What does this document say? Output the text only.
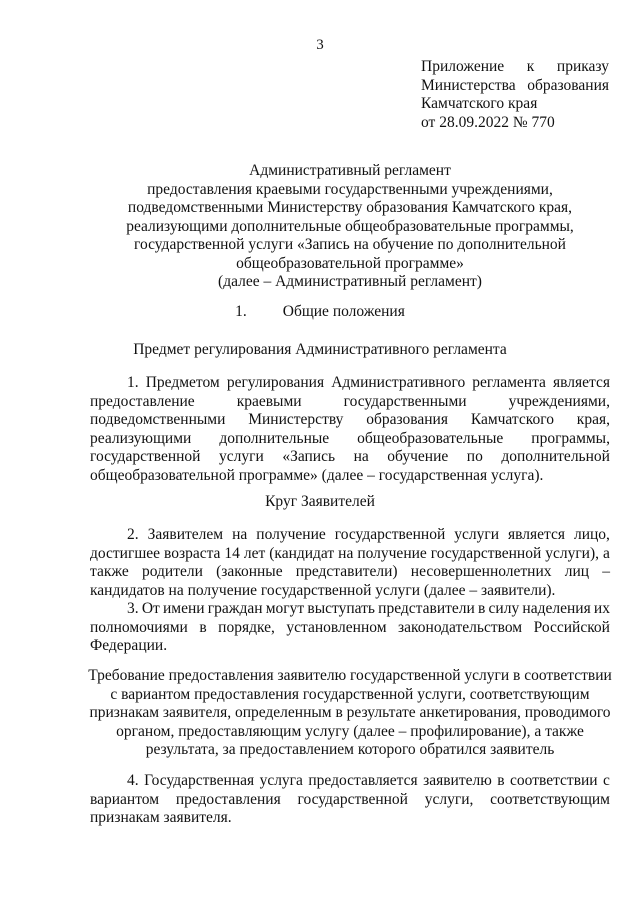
3
Приложение к приказу
Министерства образования
Камчатского края
от 28.09.2022 № 770
Административный регламент
предоставления краевыми государственными учреждениями,
подведомственными Министерству образования Камчатского края,
реализующими дополнительные общеобразовательные программы,
государственной услуги «Запись на обучение по дополнительной
общеобразовательной программе»
(далее – Административный регламент)
1. Общие положения
Предмет регулирования Административного регламента
1. Предметом регулирования Административного регламента является
предоставление	краевыми	государственными	учреждениями,
подведомственными Министерству образования Камчатского края,
реализующими дополнительные общеобразовательные программы,
государственной услуги «Запись на обучение по дополнительной
общеобразовательной программе» (далее – государственная услуга).
Круг Заявителей
2. Заявителем на получение государственной услуги является лицо,
достигшее возраста 14 лет (кандидат на получение государственной услуги), а
также родители (законные представители) несовершеннолетних лиц –
кандидатов на получение государственной услуги (далее – заявители).
3. От имени граждан могут выступать представители в силу наделения их
полномочиями в порядке, установленном законодательством Российской
Федерации.
Требование предоставления заявителю государственной услуги в соответствии
с вариантом предоставления государственной услуги, соответствующим
признакам заявителя, определенным в результате анкетирования, проводимого
органом, предоставляющим услугу (далее – профилирование), а также
результата, за предоставлением которого обратился заявитель
4. Государственная услуга предоставляется заявителю в соответствии с
вариантом предоставления государственной услуги, соответствующим
признакам заявителя.
